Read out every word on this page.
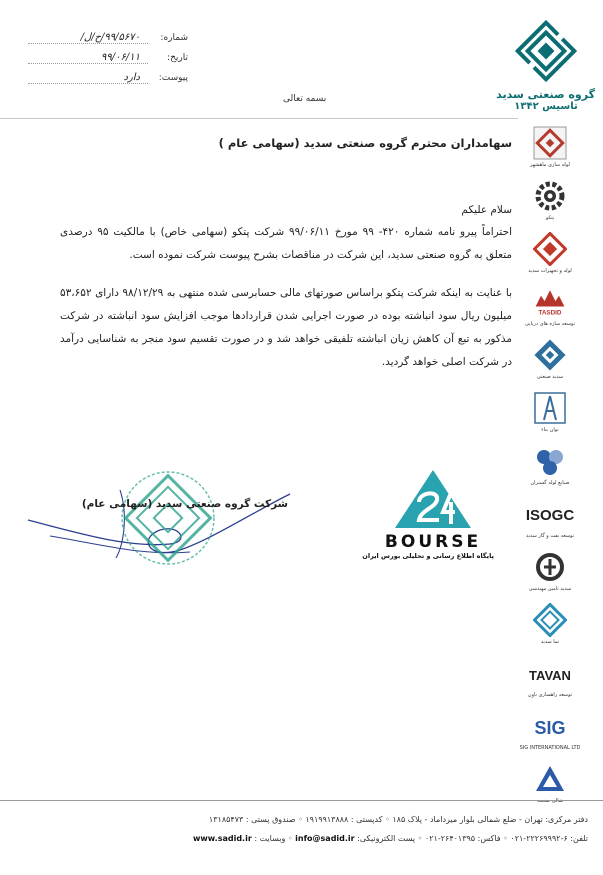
شماره:
۹۹/۵۶۷۰/ح/ل/
تاریخ:
۹۹/۰۶/۱۱
پیوست:
دارد
بسمه تعالی	گروه صنعتی سدید
تاسیس ۱۳۴۲
لوله سازی ماهشهر
پتکو
لوله و تجهیزات سدید
TASDID
توسعه سازه های دریایی
سدید صنعتی
توان بناء
صنایع لوله گستران
ISOGC
توسعه نفت و گاز سدید
سدید تامین مهندسی
نما سدید
TAVAN
توسعه راهسازی تاون
SIG
SIG INTERNATIONAL LTD
سهامداران محترم گروه صنعتی سدید (سهامی عام )
سلام علیکم

احتراماً پیرو نامه شماره ۴۲۰- ۹۹ مورخ ۹۹/۰۶/۱۱ شرکت پتکو (سهامی خاص) با مالکیت ۹۵ درصدی متعلق به گروه صنعتی سدید، این شرکت در مناقصات بشرح پیوست شرکت نموده است.

با عنایت به اینکه شرکت پتکو براساس صورتهای مالی حسابرسی شده منتهی به ۹۸/۱۲/۲۹ دارای ۵۳،۶۵۲ میلیون ریال سود انباشته بوده در صورت اجرایی شدن قراردادها موجب افزایش سود انباشته در شرکت مذکور به تبع آن کاهش زیان انباشته تلفیقی خواهد شد و در صورت تقسیم سود منجر به شناسایی درآمد در شرکت اصلی خواهد گردید.

شرکت گروه صنعتی سدید (سهامی عام)
BOURSE
پایگاه اطلاع رسانی و تحلیلی بورس ایران
دفتر مرکزی: تهران - ضلع شمالی بلوار میرداماد - پلاک ۱۸۵ ◦ کدپستی : ۱۹۱۹۹۱۳۸۸۸ ◦ صندوق پستی : ۱۳۱۸۵۴۷۳
تلفن: ۶-۲۲۲۶۹۹۹۲-۰۲۱ ◦ فاکس: ۲۶۴۰۱۳۹۵-۰۲۱ ◦ پست الکترونیکی: info@sadid.ir ◦ وبسایت : www.sadid.ir
